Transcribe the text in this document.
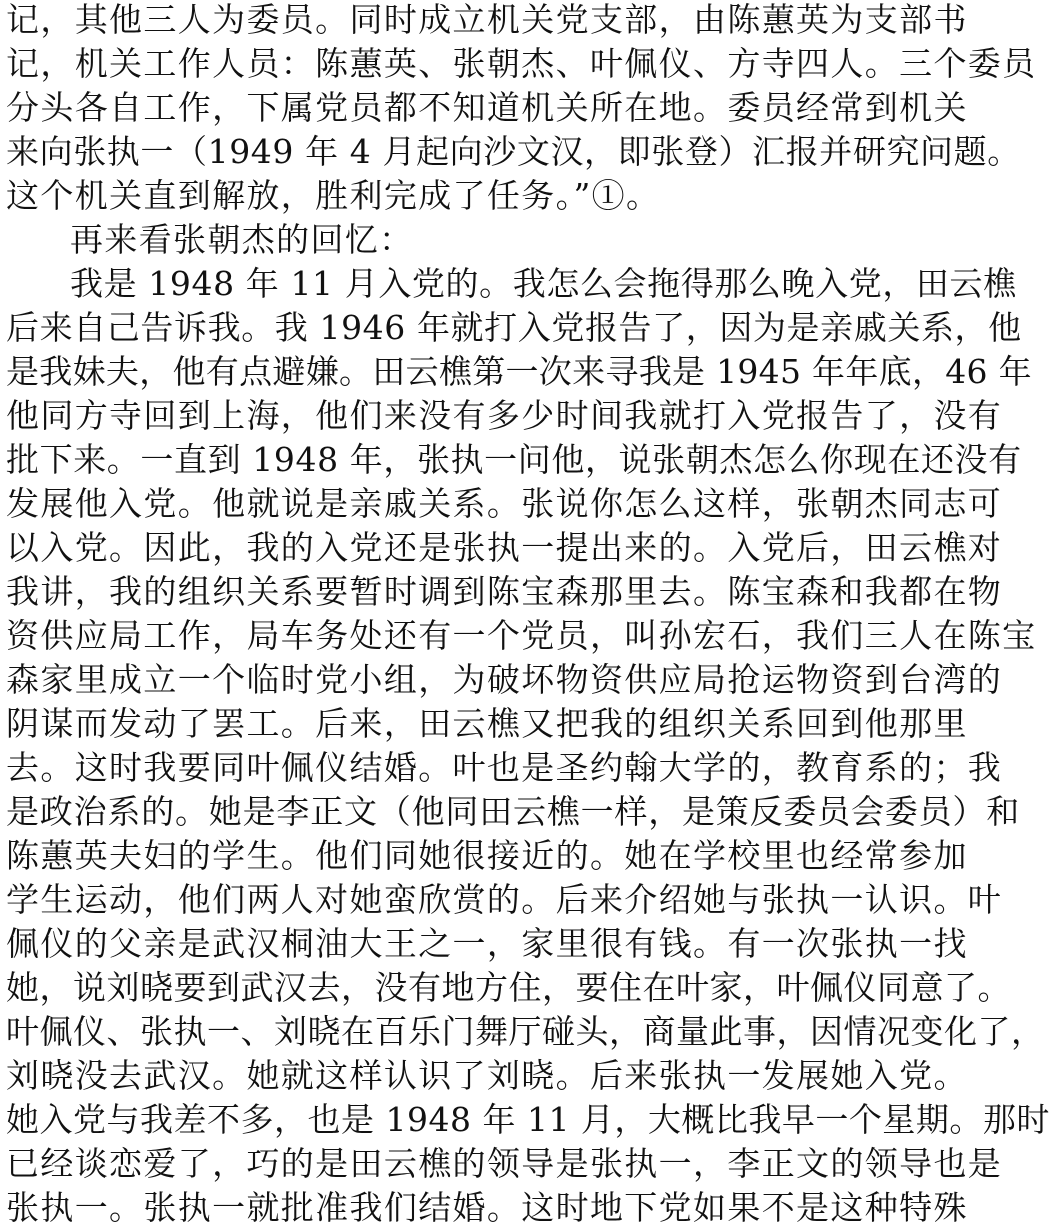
记，其他三人为委员。同时成立机关党支部，由陈蕙英为支部书
记，机关工作人员：陈蕙英、张朝杰、叶佩仪、方寺四人。三个委员
分头各自工作，下属党员都不知道机关所在地。委员经常到机关
来向张执一（1949 年 4 月起向沙文汉，即张登）汇报并研究问题。
这个机关直到解放，胜利完成了任务。”①。
再来看张朝杰的回忆：
我是 1948 年 11 月入党的。我怎么会拖得那么晚入党，田云樵
后来自己告诉我。我 1946 年就打入党报告了，因为是亲戚关系，他
是我妹夫，他有点避嫌。田云樵第一次来寻我是 1945 年年底，46 年
他同方寺回到上海，他们来没有多少时间我就打入党报告了，没有
批下来。一直到 1948 年，张执一问他，说张朝杰怎么你现在还没有
发展他入党。他就说是亲戚关系。张说你怎么这样，张朝杰同志可
以入党。因此，我的入党还是张执一提出来的。入党后，田云樵对
我讲，我的组织关系要暂时调到陈宝森那里去。陈宝森和我都在物
资供应局工作，局车务处还有一个党员，叫孙宏石，我们三人在陈宝
森家里成立一个临时党小组，为破坏物资供应局抢运物资到台湾的
阴谋而发动了罢工。后来，田云樵又把我的组织关系回到他那里
去。这时我要同叶佩仪结婚。叶也是圣约翰大学的，教育系的；我
是政治系的。她是李正文（他同田云樵一样，是策反委员会委员）和
陈蕙英夫妇的学生。他们同她很接近的。她在学校里也经常参加
学生运动，他们两人对她蛮欣赏的。后来介绍她与张执一认识。叶
佩仪的父亲是武汉桐油大王之一，家里很有钱。有一次张执一找
她，说刘晓要到武汉去，没有地方住，要住在叶家，叶佩仪同意了。
叶佩仪、张执一、刘晓在百乐门舞厅碰头，商量此事，因情况变化了，
刘晓没去武汉。她就这样认识了刘晓。后来张执一发展她入党。
她入党与我差不多，也是 1948 年 11 月，大概比我早一个星期。那时
已经谈恋爱了，巧的是田云樵的领导是张执一，李正文的领导也是
张执一。张执一就批准我们结婚。这时地下党如果不是这种特殊
